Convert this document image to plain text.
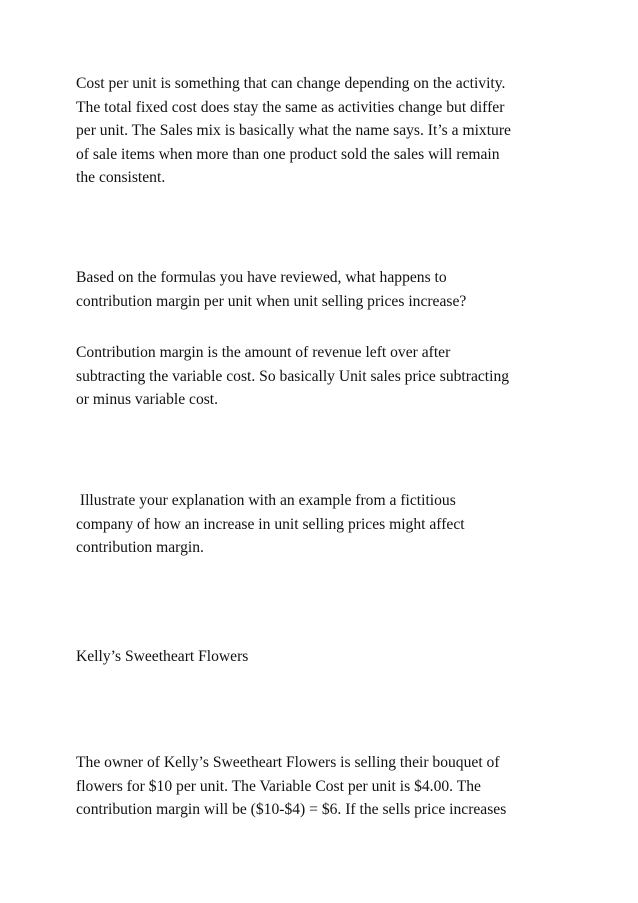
Cost per unit is something that can change depending on the activity.
The total fixed cost does stay the same as activities change but differ
per unit. The Sales mix is basically what the name says. It’s a mixture
of sale items when more than one product sold the sales will remain
the consistent.

Based on the formulas you have reviewed, what happens to
contribution margin per unit when unit selling prices increase?

Contribution margin is the amount of revenue left over after
subtracting the variable cost. So basically Unit sales price subtracting
or minus variable cost.

Illustrate your explanation with an example from a fictitious
company of how an increase in unit selling prices might affect
contribution margin.

Kelly’s Sweetheart Flowers

The owner of Kelly’s Sweetheart Flowers is selling their bouquet of
flowers for $10 per unit. The Variable Cost per unit is $4.00. The
contribution margin will be ($10-$4) = $6. If the sells price increases
